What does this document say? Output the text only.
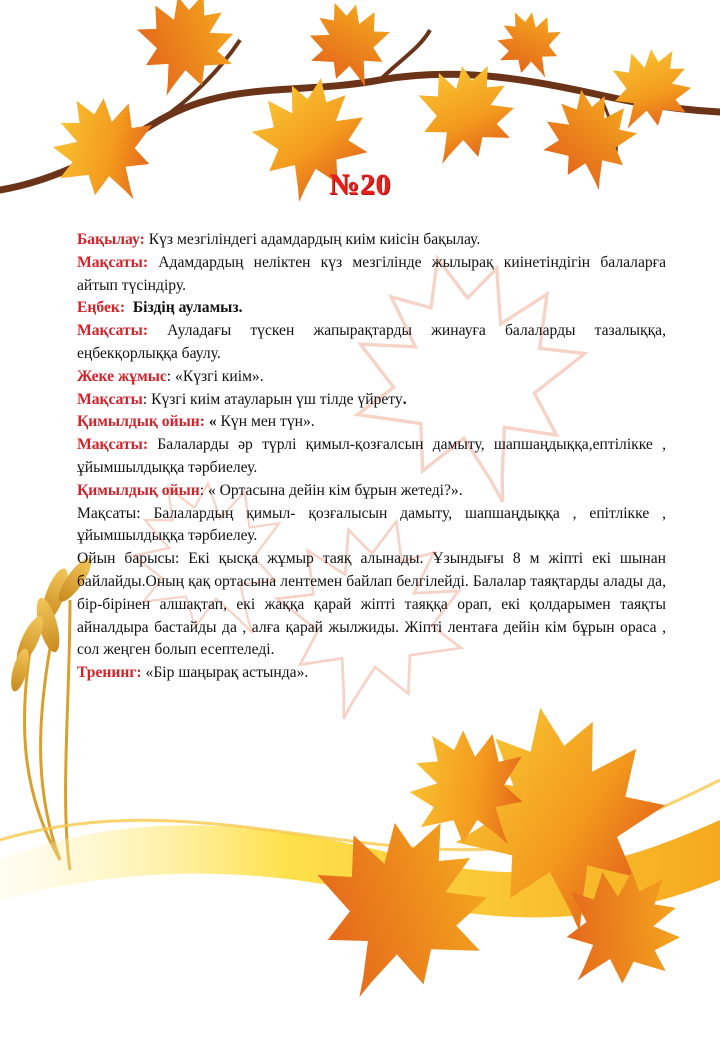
№20

Бақылау: Күз мезгіліндегі адамдардың киім киісін бақылау.

Мақсаты: Адамдардың неліктен күз мезгілінде жылырақ киінетіндігін балаларға айтып түсіндіру.

Еңбек: Біздің ауламыз.

Мақсаты: Ауладағы түскен жапырақтарды жинауға балаларды тазалыққа, еңбекқорлыққа баулу.

Жеке жұмыс: «Күзгі киім».

Мақсаты: Күзгі киім атауларын үш тілде үйрету.

Қимылдық ойын: « Күн мен түн».

Мақсаты: Балаларды әр түрлі қимыл-қозғалсын дамыту, шапшаңдыққа,ептілікке , ұйымшылдыққа тәрбиелеу.

Қимылдық ойын: « Ортасына дейін кім бұрын жетеді?».

Мақсаты: Балалардың қимыл- қозғалысын дамыту, шапшаңдыққа , епітлікке , ұйымшылдыққа тәрбиелеу.

Ойын барысы: Екі қысқа жұмыр таяқ алынады. Ұзындығы 8 м жіпті екі шынан байлайды.Оның қақ ортасына лентемен байлап белгілейді. Балалар таяқтарды алады да, бір-бірінен алшақтап, екі жаққа қарай жіпті таяққа орап, екі қолдарымен таяқты айналдыра бастайды да , алға қарай жылжиды. Жіпті лентаға дейін кім бұрын ораса , сол жеңген болып есептеледі.

Тренинг: «Бір шаңырақ астында».
